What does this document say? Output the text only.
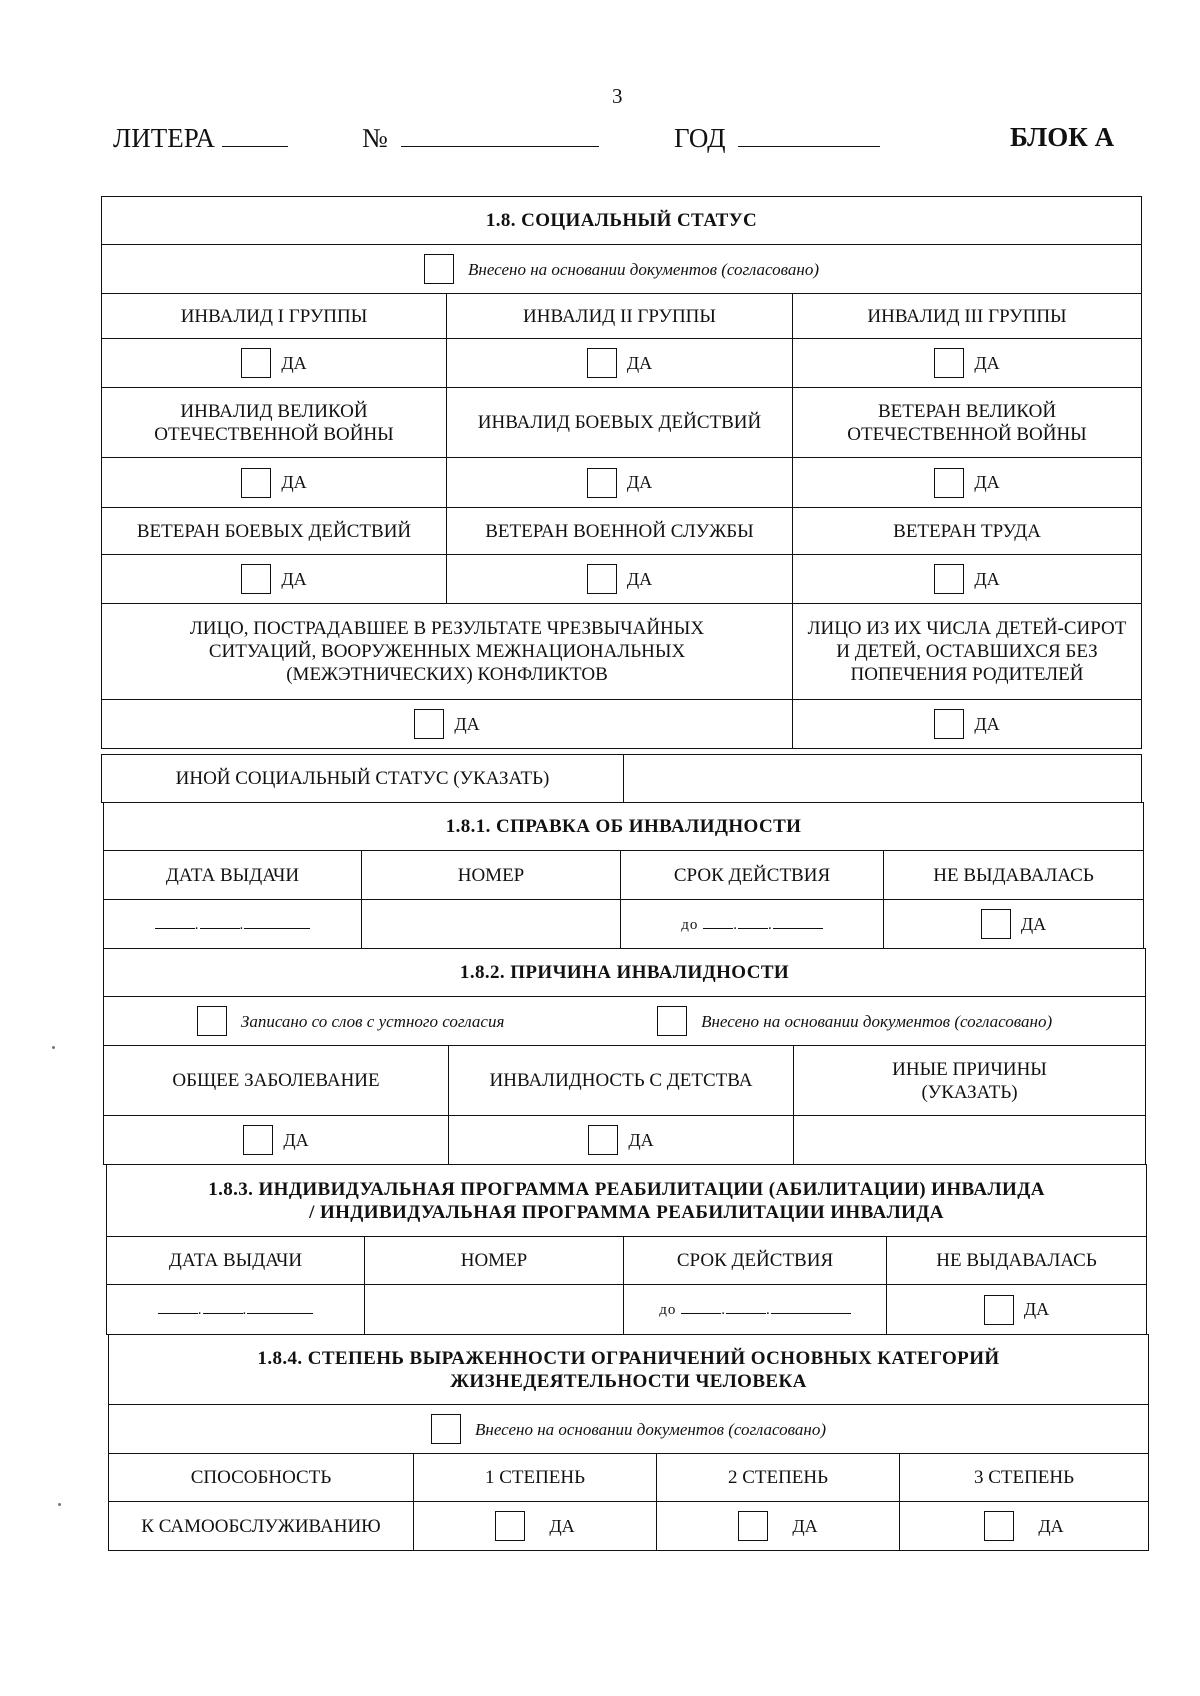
3
ЛИТЕРА	№	ГОД	БЛОК А
1.8. СОЦИАЛЬНЫЙ СТАТУС		
Внесено на основании документов (согласовано)		
ИНВАЛИД I ГРУППЫ	ИНВАЛИД II ГРУППЫ	ИНВАЛИД III ГРУППЫ
ДА	ДА	ДА
ИНВАЛИД ВЕЛИКОЙ ОТЕЧЕСТВЕННОЙ ВОЙНЫ	ИНВАЛИД БОЕВЫХ ДЕЙСТВИЙ	ВЕТЕРАН ВЕЛИКОЙ ОТЕЧЕСТВЕННОЙ ВОЙНЫ
ДА	ДА	ДА
ВЕТЕРАН БОЕВЫХ ДЕЙСТВИЙ	ВЕТЕРАН ВОЕННОЙ СЛУЖБЫ	ВЕТЕРАН ТРУДА
ДА	ДА	ДА
ЛИЦО, ПОСТРАДАВШЕЕ В РЕЗУЛЬТАТЕ ЧРЕЗВЫЧАЙНЫХ СИТУАЦИЙ, ВООРУЖЕННЫХ МЕЖНАЦИОНАЛЬНЫХ (МЕЖЭТНИЧЕСКИХ) КОНФЛИКТОВ		ЛИЦО ИЗ ИХ ЧИСЛА ДЕТЕЙ-СИРОТ И ДЕТЕЙ, ОСТАВШИХСЯ БЕЗ ПОПЕЧЕНИЯ РОДИТЕЛЕЙ
ДА		ДА
ИНОЙ СОЦИАЛЬНЫЙ СТАТУС (УКАЗАТЬ)	
1.8.1. СПРАВКА ОБ ИНВАЛИДНОСТИ			
ДАТА ВЫДАЧИ	НОМЕР	СРОК ДЕЙСТВИЯ	НЕ ВЫДАВАЛАСЬ
. .		до . .	ДА
1.8.2. ПРИЧИНА ИНВАЛИДНОСТИ		
Записано со слов с устного согласия Внесено на основании документов (согласовано)		
ОБЩЕЕ ЗАБОЛЕВАНИЕ	ИНВАЛИДНОСТЬ С ДЕТСТВА	ИНЫЕ ПРИЧИНЫ (УКАЗАТЬ)
ДА	ДА	
1.8.3. ИНДИВИДУАЛЬНАЯ ПРОГРАММА РЕАБИЛИТАЦИИ (АБИЛИТАЦИИ) ИНВАЛИДА
/ ИНДИВИДУАЛЬНАЯ ПРОГРАММА РЕАБИЛИТАЦИИ ИНВАЛИДА			

ДАТА ВЫДАЧИ	НОМЕР	СРОК ДЕЙСТВИЯ	НЕ ВЫДАВАЛАСЬ
. .		до . .	ДА
1.8.4. СТЕПЕНЬ ВЫРАЖЕННОСТИ ОГРАНИЧЕНИЙ ОСНОВНЫХ КАТЕГОРИЙ
ЖИЗНЕДЕЯТЕЛЬНОСТИ ЧЕЛОВЕКА			

Внесено на основании документов (согласовано)			
СПОСОБНОСТЬ	1 СТЕПЕНЬ	2 СТЕПЕНЬ	3 СТЕПЕНЬ
К САМООБСЛУЖИВАНИЮ	ДА	ДА	ДА
